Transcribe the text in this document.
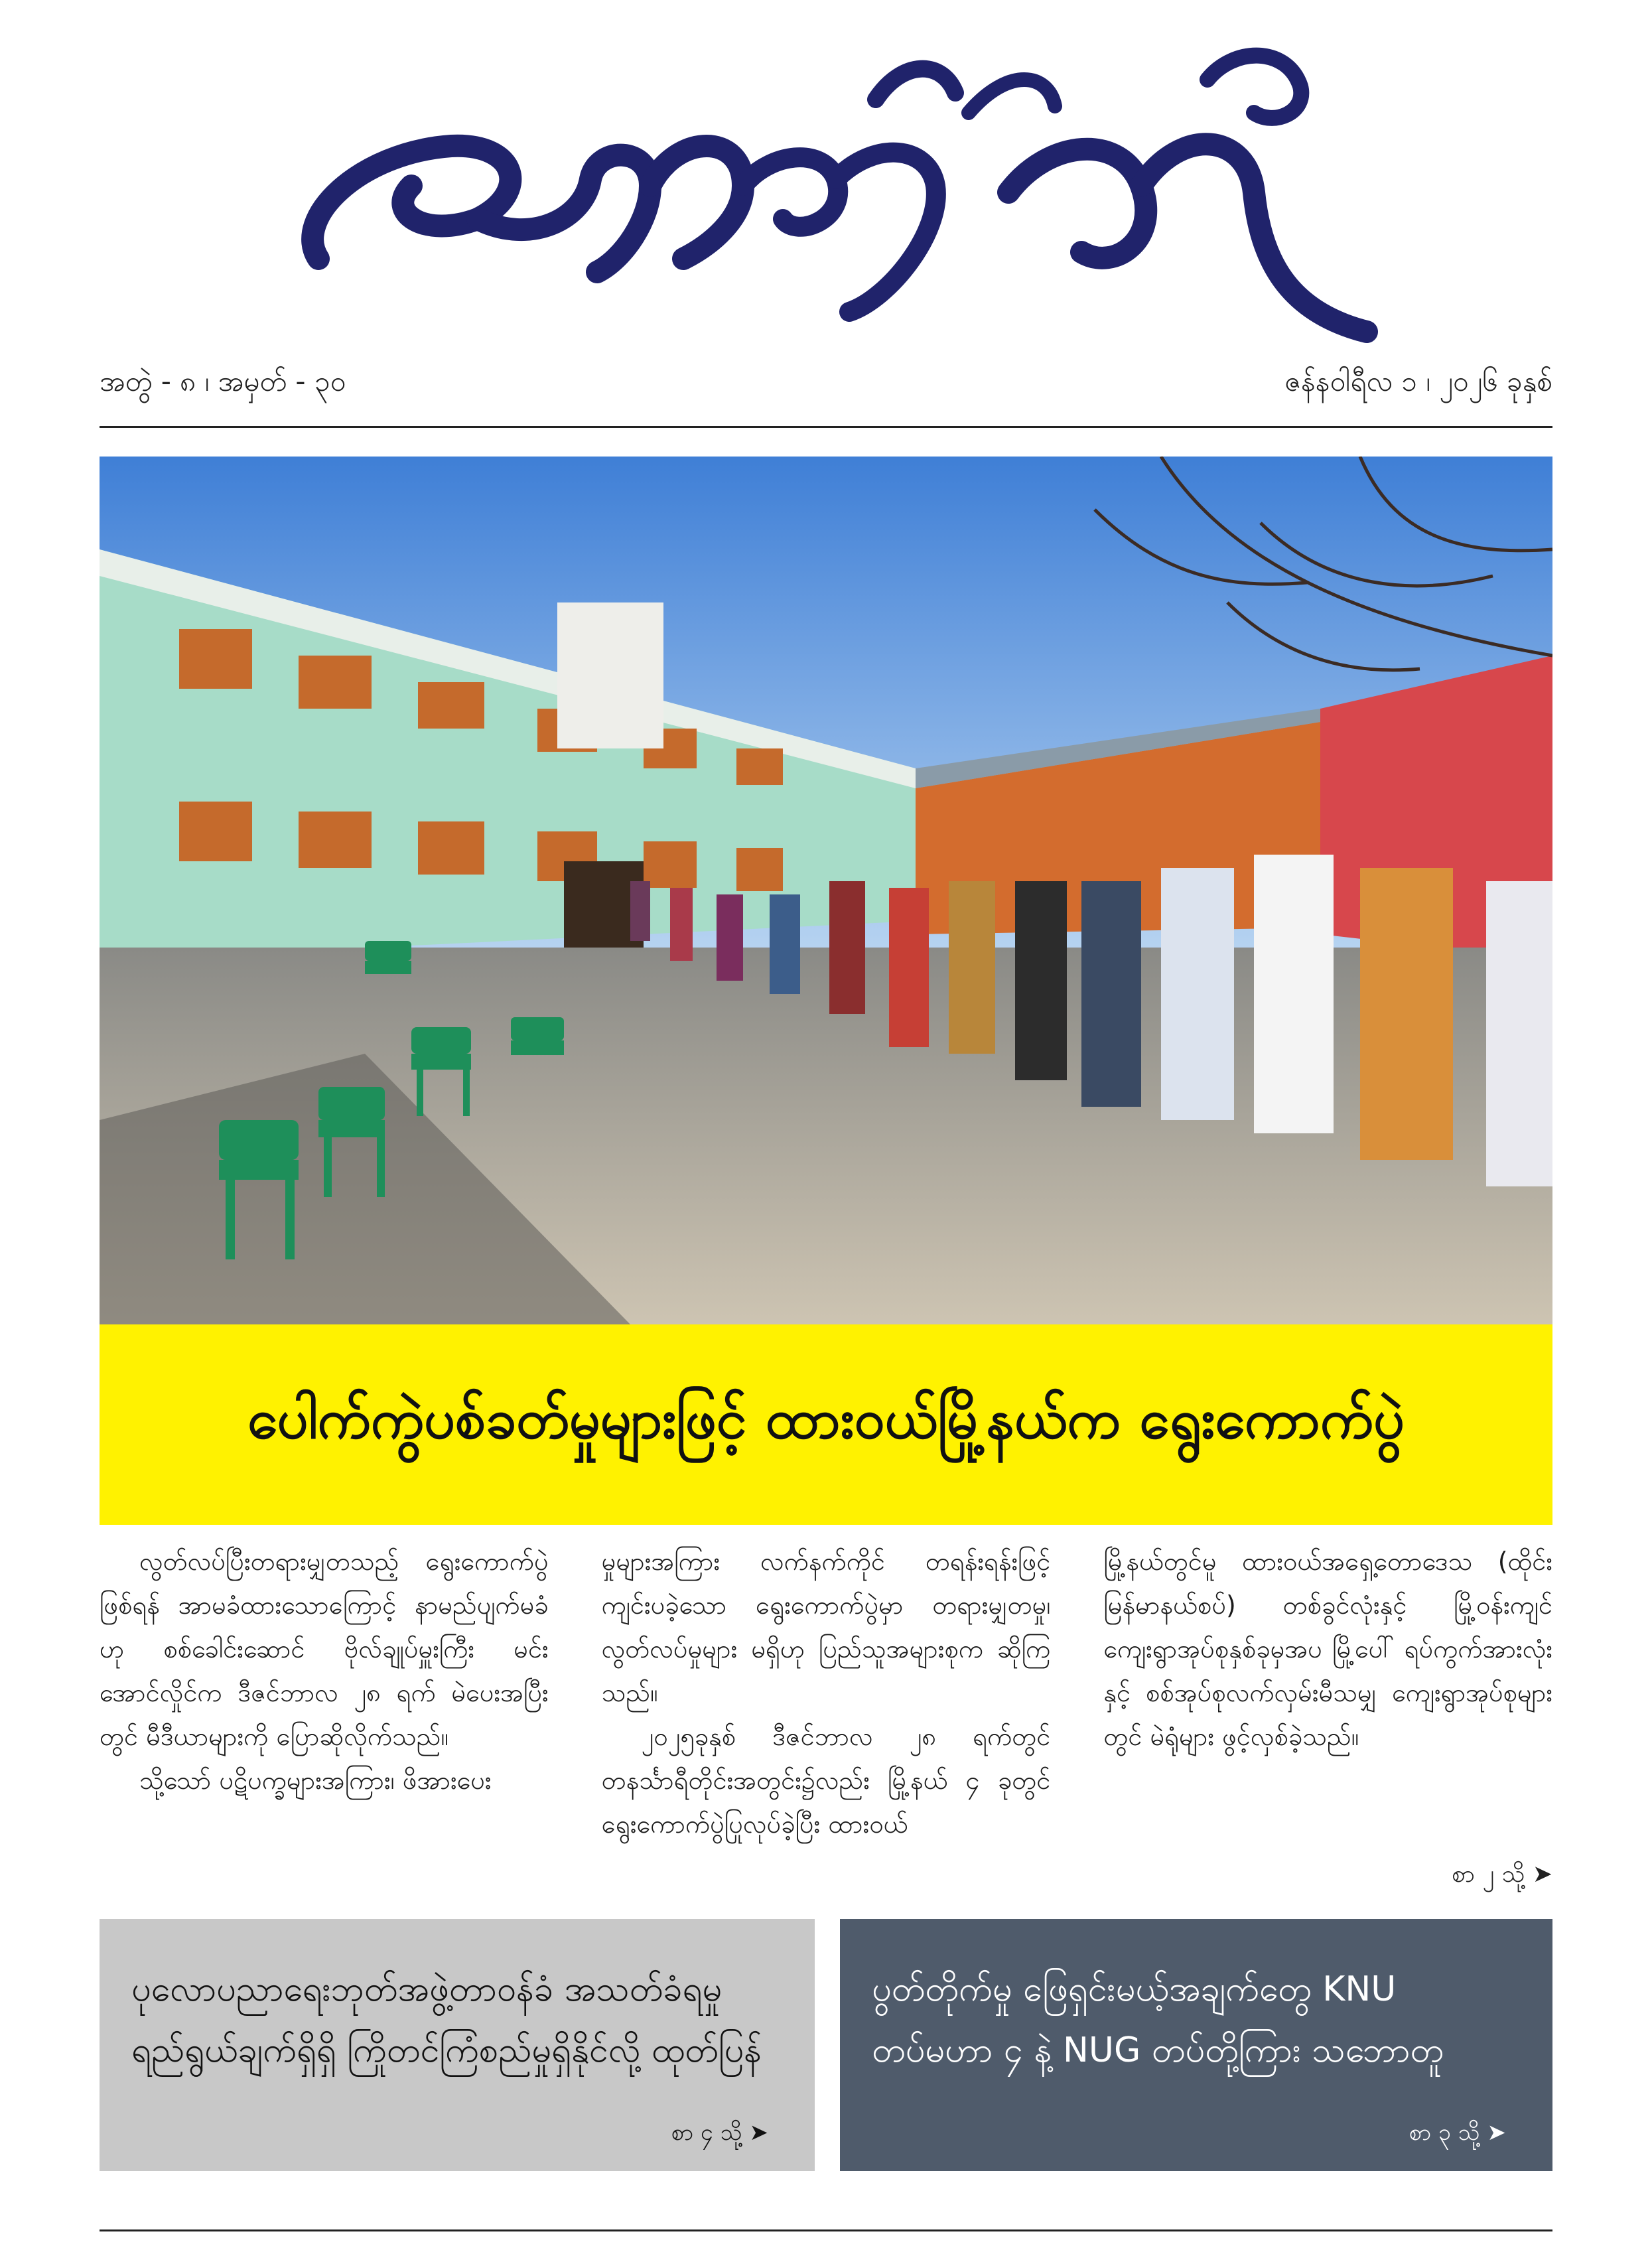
အတွဲ - ၈ ၊ အမှတ် - ၃၀	ဇန်နဝါရီလ ၁ ၊ ၂၀၂၆ ခုနှစ်
ပေါက်ကွဲပစ်ခတ်မှုများဖြင့် ထားဝယ်မြို့နယ်က ရွေးကောက်ပွဲ

လွတ်လပ်ပြီးတရားမျှတသည့် ရွေးကောက်ပွဲဖြစ်ရန် အာမခံထားသောကြောင့် နာမည်ပျက်မခံဟု စစ်ခေါင်းဆောင် ဗိုလ်ချုပ်မှူးကြီး မင်းအောင်လှိုင်က ဒီဇင်ဘာလ ၂၈ ရက် မဲပေးအပြီးတွင် မီဒီယာများကို ပြောဆိုလိုက်သည်။

သို့သော် ပဋိပက္ခများအကြား၊ ဖိအားပေး

မှုများအကြား လက်နက်ကိုင် တရန်းရန်းဖြင့် ကျင်းပခဲ့သော ရွေးကောက်ပွဲမှာ တရားမျှတမှု၊ လွတ်လပ်မှုများ မရှိဟု ပြည်သူအများစုက ဆိုကြသည်။

၂၀၂၅ခုနှစ် ဒီဇင်ဘာလ ၂၈ ရက်တွင် တနင်္သာရီတိုင်းအတွင်း၌လည်း မြို့နယ် ၄ ခုတွင် ရွေးကောက်ပွဲပြုလုပ်ခဲ့ပြီး ထားဝယ်

မြို့နယ်တွင်မူ ထားဝယ်အရှေ့တောဒေသ (ထိုင်းမြန်မာနယ်စပ်) တစ်ခွင်လုံးနှင့် မြို့ဝန်းကျင် ကျေးရွာအုပ်စုနှစ်ခုမှအပ မြို့ပေါ် ရပ်ကွက်အားလုံးနှင့် စစ်အုပ်စုလက်လှမ်းမီသမျှ ကျေးရွာအုပ်စုများတွင် မဲရုံများ ဖွင့်လှစ်ခဲ့သည်။

စာ ၂ သို့ ➤
ပုလောပညာရေးဘုတ်အဖွဲ့တာဝန်ခံ အသတ်ခံရမှု ရည်ရွယ်ချက်ရှိရှိ ကြိုတင်ကြံစည်မှုရှိနိုင်လို့ ထုတ်ပြန်
စာ ၄ သို့ ➤
ပွတ်တိုက်မှု ဖြေရှင်းမယ့်အချက်တွေ KNU တပ်မဟာ ၄ နဲ့ NUG တပ်တို့ကြား သဘောတူ
စာ ၃ သို့ ➤
